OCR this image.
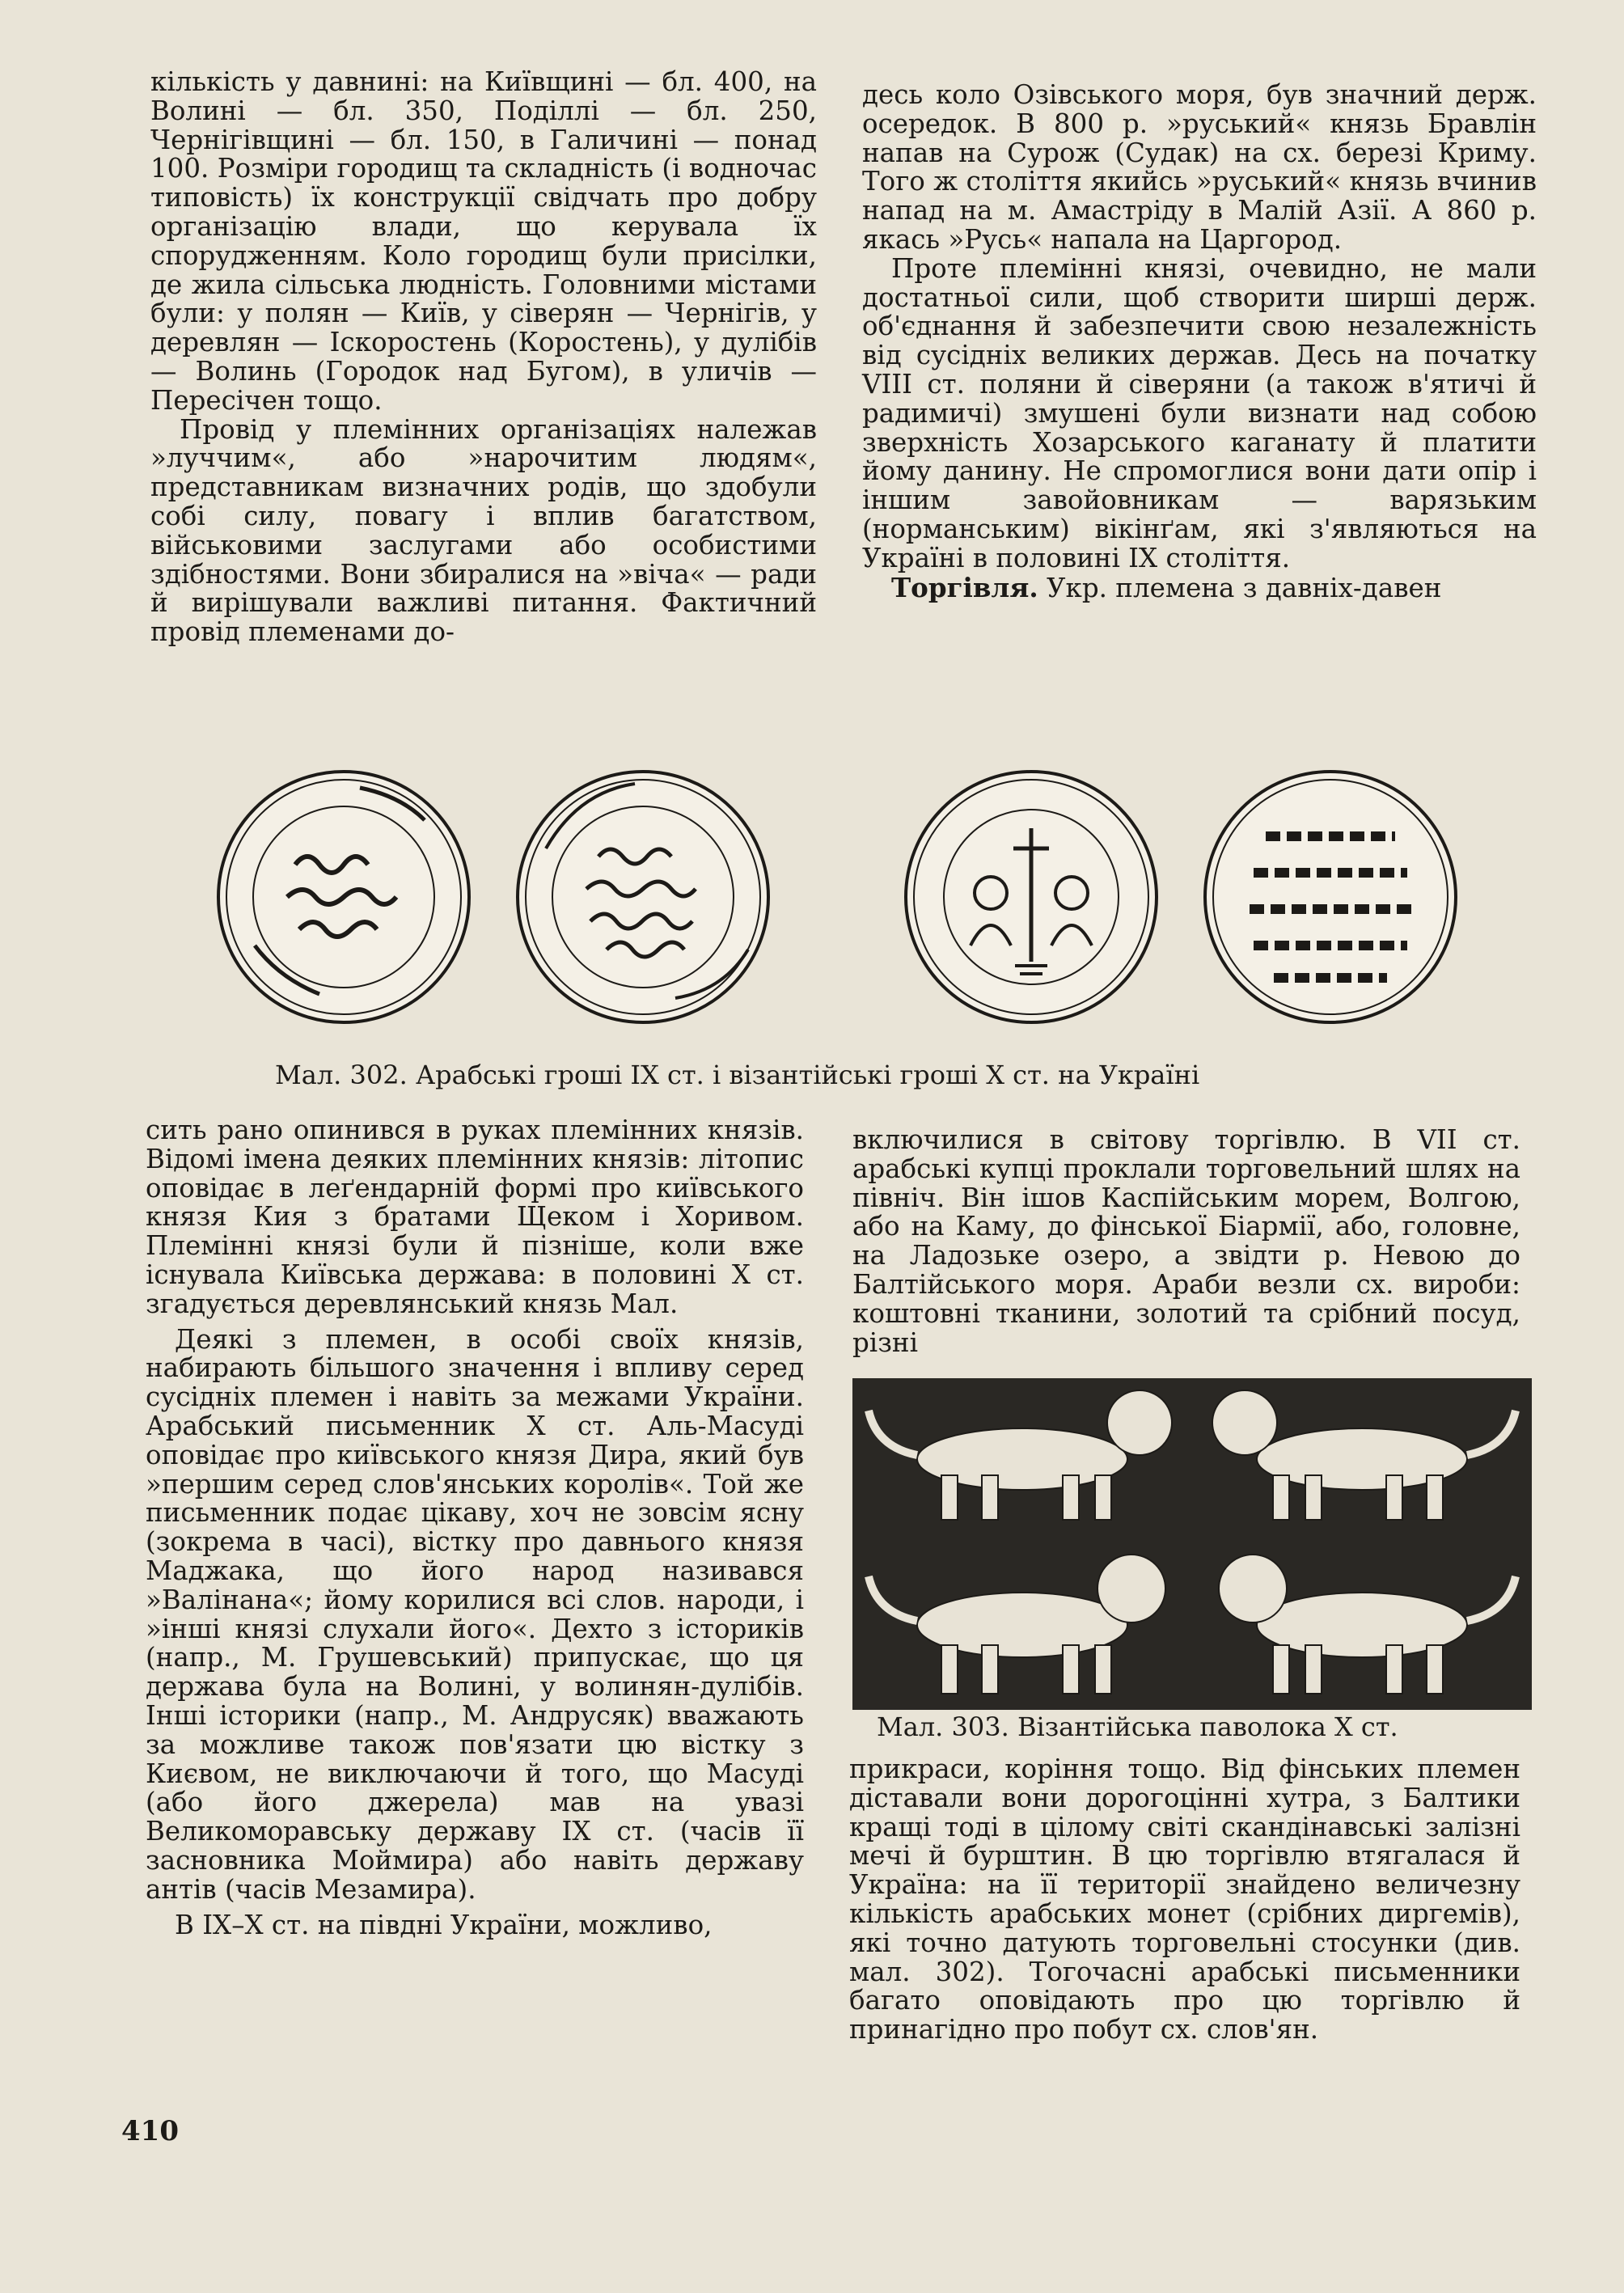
кількість у давнині: на Київщині — бл. 400, на Волині — бл. 350, Поділлі — бл. 250, Чернігівщині — бл. 150, в Галичині — понад 100. Розміри городищ та складність (і водночас типовість) їх конструкції свідчать про добру організацію влади, що керувала їх спорудженням. Коло городищ були присілки, де жила сільська людність. Головними містами були: у полян — Київ, у сіверян — Чернігів, у деревлян — Іскоростень (Коростень), у дулібів — Волинь (Городок над Бугом), в уличів — Пересічен тощо.

Провід у племінних організаціях належав »луччим«, або »нарочитим людям«, представникам визначних родів, що здобули собі силу, повагу і вплив багатством, військовими заслугами або особистими здібностями. Вони збиралися на »віча« — ради й вирішували важливі питання. Фактичний провід племенами до-

десь коло Озівського моря, був значний держ. осередок. В 800 р. »руський« князь Бравлін напав на Сурож (Судак) на сх. березі Криму. Того ж століття якийсь »руський« князь вчинив напад на м. Амастріду в Малій Азії. А 860 р. якась »Русь« напала на Царгород.

Проте племінні князі, очевидно, не мали достатньої сили, щоб створити ширші держ. об'єднання й забезпечити свою незалежність від сусідніх великих держав. Десь на початку VIII ст. поляни й сіверяни (а також в'ятичі й радимичі) змушені були визнати над собою зверхність Хозарського каганату й платити йому данину. Не спромоглися вони дати опір і іншим завойовникам — варязьким (норманським) вікінґам, які з'являються на Україні в половині IX століття.

Торгівля. Укр. племена з давніх-давен

Мал. 302. Арабські гроші IX ст. і візантійські гроші X ст. на Україні

сить рано опинився в руках племінних князів. Відомі імена деяких племінних князів: літопис оповідає в леґендарній формі про київського князя Кия з братами Щеком і Хоривом. Племінні князі були й пізніше, коли вже існувала Київська держава: в половині X ст. згадується деревлянський князь Мал.

Деякі з племен, в особі своїх князів, набирають більшого значення і впливу серед сусідніх племен і навіть за межами України. Арабський письменник X ст. Аль-Масуді оповідає про київського князя Дира, який був »першим серед слов'янських королів«. Той же письменник подає цікаву, хоч не зовсім ясну (зокрема в часі), вістку про давнього князя Маджака, що його народ називався »Валінана«; йому корилися всі слов. народи, і »інші князі слухали його«. Дехто з істориків (напр., М. Грушевський) припускає, що ця держава була на Волині, у волинян-дулібів. Інші історики (напр., М. Андрусяк) вважають за можливе також пов'язати цю вістку з Києвом, не виключаючи й того, що Масуді (або його джерела) мав на увазі Великоморавську державу IX ст. (часів її засновника Моймира) або навіть державу антів (часів Мезамира).

В IX–X ст. на півдні України, можливо,

включилися в світову торгівлю. В VII ст. арабські купці проклали торговельний шлях на північ. Він ішов Каспійським морем, Волгою, або на Каму, до фінської Біармії, або, головне, на Ладозьке озеро, а звідти р. Невою до Балтійського моря. Араби везли сх. вироби: коштовні тканини, золотий та срібний посуд, різні

Мал. 303. Візантійська паволока X ст.

прикраси, коріння тощо. Від фінських племен діставали вони дорогоцінні хутра, з Балтики кращі тоді в цілому світі скандінавські залізні мечі й бурштин. В цю торгівлю втягалася й Україна: на її території знайдено величезну кількість арабських монет (срібних диргемів), які точно датують торговельні стосунки (див. мал. 302). Тогочасні арабські письменники багато оповідають про цю торгівлю й принагідно про побут сх. слов'ян.

410
